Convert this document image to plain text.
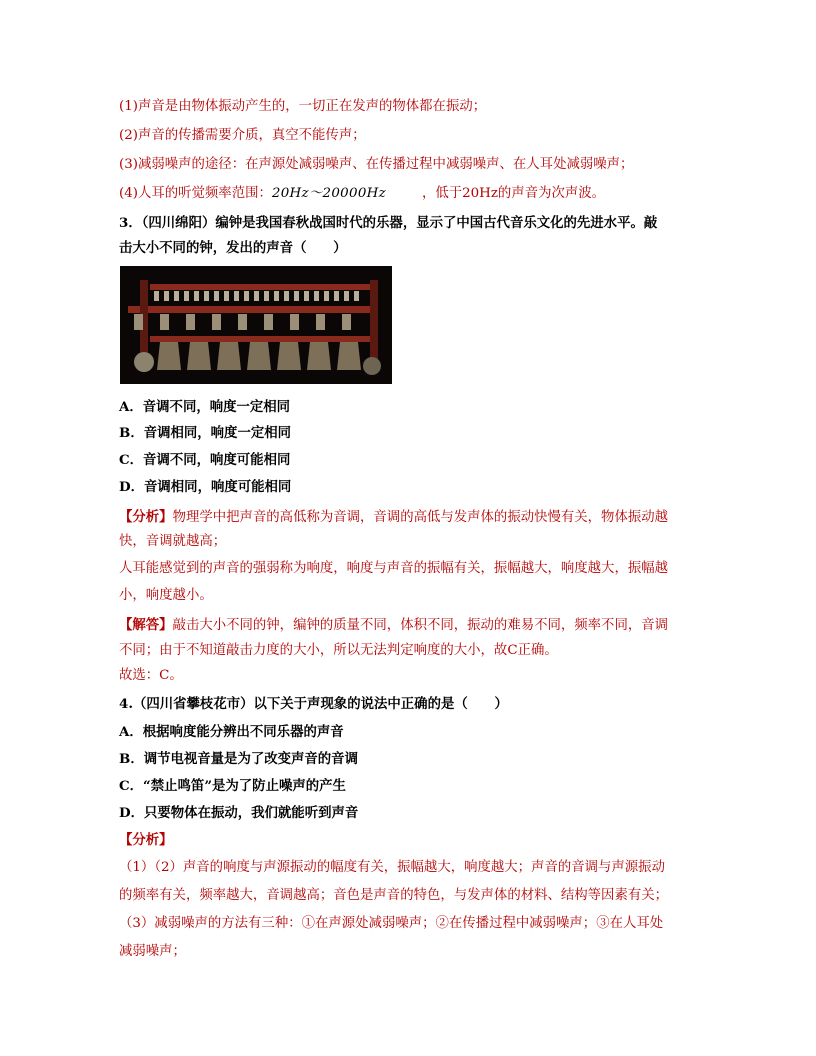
(1)声音是由物体振动产生的，一切正在发声的物体都在振动；
(2)声音的传播需要介质，真空不能传声；
(3)减弱噪声的途径：在声源处减弱噪声、在传播过程中减弱噪声、在人耳处减弱噪声；
(4)人耳的听觉频率范围：20Hz～20000Hz	，低于20Hz的声音为次声波。
3．（四川绵阳）编钟是我国春秋战国时代的乐器，显示了中国古代音乐文化的先进水平。敲
击大小不同的钟，发出的声音（　　）
A．音调不同，响度一定相同
B．音调相同，响度一定相同
C．音调不同，响度可能相同
D．音调相同，响度可能相同
【分析】物理学中把声音的高低称为音调，音调的高低与发声体的振动快慢有关，物体振动越
快，音调就越高；
人耳能感觉到的声音的强弱称为响度，响度与声音的振幅有关，振幅越大，响度越大，振幅越
小，响度越小。
【解答】敲击大小不同的钟，编钟的质量不同，体积不同，振动的难易不同，频率不同，音调
不同；由于不知道敲击力度的大小，所以无法判定响度的大小，故C正确。
故选：C。
4.（四川省攀枝花市）以下关于声现象的说法中正确的是（　　）
A．根据响度能分辨出不同乐器的声音
B．调节电视音量是为了改变声音的音调
C．“禁止鸣笛”是为了防止噪声的产生
D．只要物体在振动，我们就能听到声音
【分析】
（1）（2）声音的响度与声源振动的幅度有关，振幅越大，响度越大；声音的音调与声源振动
的频率有关，频率越大，音调越高；音色是声音的特色，与发声体的材料、结构等因素有关；
（3）减弱噪声的方法有三种：①在声源处减弱噪声；②在传播过程中减弱噪声；③在人耳处
减弱噪声；
